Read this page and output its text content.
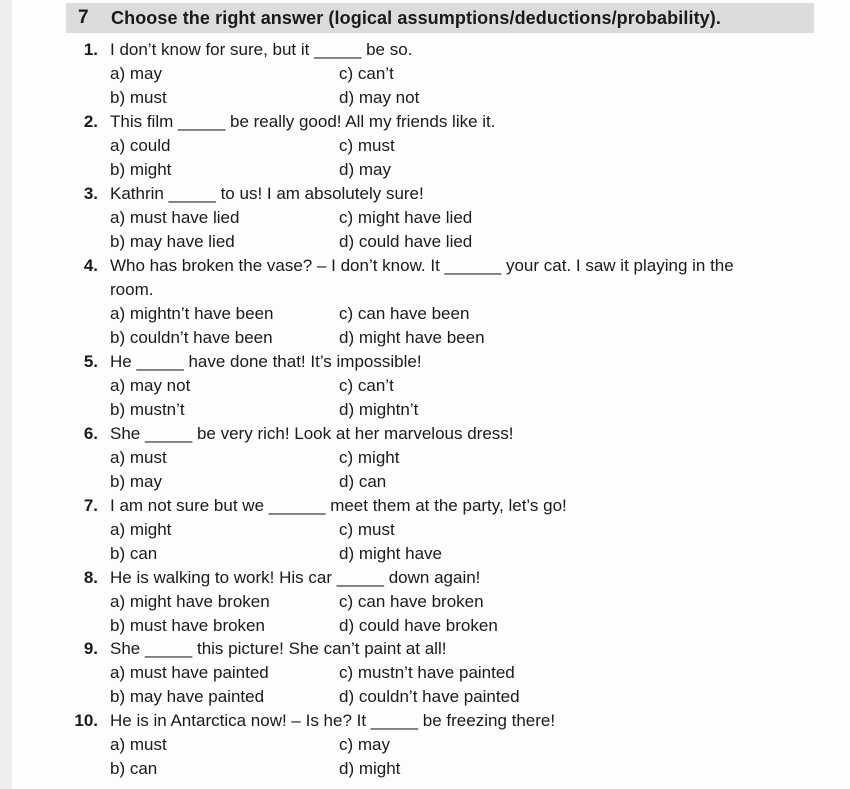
7	Choose the right answer (logical assumptions/deductions/probability).
1. I don’t know for sure, but it _____ be so.
a) may	c) can’t
b) must	d) may not
2. This film _____ be really good! All my friends like it.
a) could	c) must
b) might	d) may
3. Kathrin _____ to us! I am absolutely sure!
a) must have lied	c) might have lied
b) may have lied	d) could have lied
4. Who has broken the vase? – I don’t know. It ______ your cat. I saw it playing in the
room.
a) mightn’t have been	c) can have been
b) couldn’t have been	d) might have been
5. He _____ have done that! It’s impossible!
a) may not	c) can’t
b) mustn’t	d) mightn’t
6. She _____ be very rich! Look at her marvelous dress!
a) must	c) might
b) may	d) can
7. I am not sure but we ______ meet them at the party, let’s go!
a) might	c) must
b) can	d) might have
8. He is walking to work! His car _____ down again!
a) might have broken	c) can have broken
b) must have broken	d) could have broken
9. She _____ this picture! She can’t paint at all!
a) must have painted	c) mustn’t have painted
b) may have painted	d) couldn’t have painted
10. He is in Antarctica now! – Is he? It _____ be freezing there!
a) must	c) may
b) can	d) might
